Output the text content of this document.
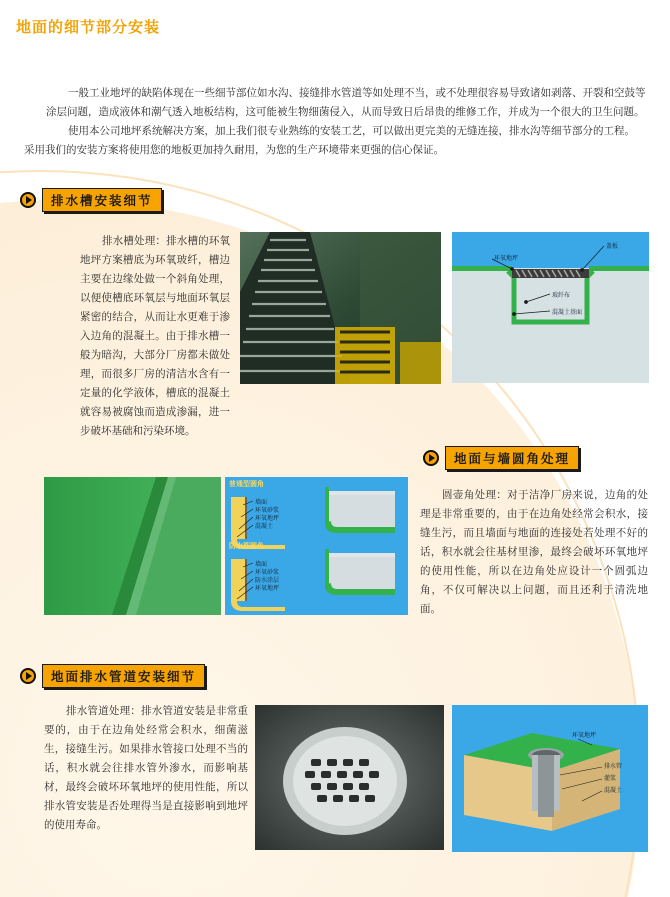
地面的细节部分安装

一般工业地坪的缺陷体现在一些细节部位如水沟、接缝排水管道等如处理不当，或不处理很容易导致诸如剥落、开裂和空鼓等涂层问题，造成液体和潮气透入地板结构，这可能被生物细菌侵入，从而导致日后昂贵的维修工作，并成为一个很大的卫生问题。

使用本公司地坪系统解决方案，加上我们很专业熟练的安装工艺，可以做出更完美的无缝连接，排水沟等细节部分的工程。

采用我们的安装方案将使用您的地板更加持久耐用，为您的生产环境带来更强的信心保证。

排水槽安装细节
排水槽处理：排水槽的环氧地坪方案槽底为环氧玻纤，槽边主要在边缘处做一个斜角处理，以便使槽底环氧层与地面环氧层紧密的结合，从而让水更难于渗入边角的混凝土。由于排水槽一般为暗沟，大部分厂房都未做处理，而很多厂房的清洁水含有一定量的化学液体，槽底的混凝土就容易被腐蚀而造成渗漏，进一步破坏基础和污染环境。
环氧地坪
盖板
玻纤布
混凝土基面
地面与墙圆角处理
普通型圆角
防水型圆角
墙面
环氧砂浆
环氧地坪
混凝土
墙面
环氧砂浆
防水涂层
环氧地坪
圆壶角处理：对于洁净厂房来说，边角的处理是非常重要的，由于在边角处经常会积水，接缝生污，而且墙面与地面的连接处若处理不好的话，积水就会往基材里渗，最终会破坏环氧地坪的使用性能，所以在边角处应设计一个圆弧边角，不仅可解决以上问题，而且还利于清洗地面。
地面排水管道安装细节
排水管道处理：排水管道安装是非常重要的，由于在边角处经常会积水，细菌滋生，接缝生污。如果排水管接口处理不当的话，积水就会往排水管外渗水，而影响基材，最终会破坏环氧地坪的使用性能，所以排水管安装是否处理得当是直接影响到地坪的使用寿命。
环氧地坪
排水管
灌浆
混凝土
